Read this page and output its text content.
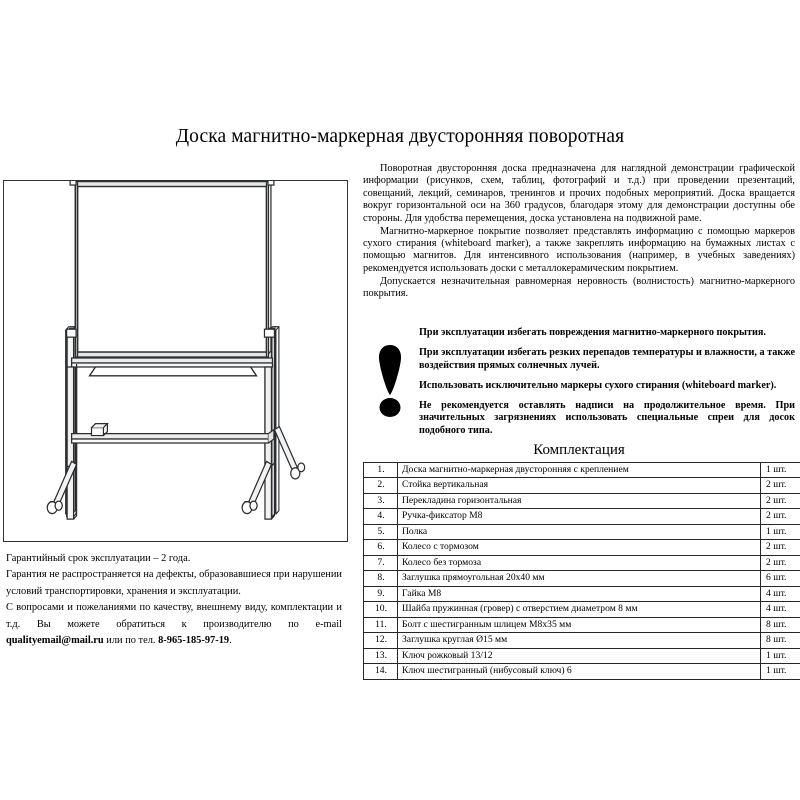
Доска магнитно-маркерная двусторонняя поворотная

Поворотная двусторонняя доска предназначена для наглядной демонстрации графической информации (рисунков, схем, таблиц, фотографий и т.д.) при проведении презентаций, совещаний, лекций, семинаров, тренингов и прочих подобных мероприятий. Доска вращается вокруг горизонтальной оси на 360 градусов, благодаря этому для демонстрации доступны обе стороны. Для удобства перемещения, доска установлена на подвижной раме.

Магнитно-маркерное покрытие позволяет представлять информацию с помощью маркеров сухого стирания (whiteboard marker), а также закреплять информацию на бумажных листах с помощью магнитов. Для интенсивного использования (например, в учебных заведениях) рекомендуется использовать доски с металлокерамическим покрытием.

Допускается незначительная равномерная неровность (волнистость) магнитно-маркерного покрытия.

При эксплуатации избегать повреждения магнитно-маркерного покрытия.

При эксплуатации избегать резких перепадов температуры и влажности, а также воздействия прямых солнечных лучей.

Использовать исключительно маркеры сухого стирания (whiteboard marker).

Не рекомендуется оставлять надписи на продолжительное время. При значительных загрязнениях использовать специальные спреи для досок подобного типа.

Комплектация
1.	Доска магнитно-маркерная двусторонняя с креплением	1 шт.
2.	Стойка вертикальная	2 шт.
3.	Перекладина горизонтальная	2 шт.
4.	Ручка-фиксатор М8	2 шт.
5.	Полка	1 шт.
6.	Колесо с тормозом	2 шт.
7.	Колесо без тормоза	2 шт.
8.	Заглушка прямоугольная 20х40 мм	6 шт.
9.	Гайка М8	4 шт.
10.	Шайба пружинная (гровер) с отверстием диаметром 8 мм	4 шт.
11.	Болт с шестигранным шлицем М8х35 мм	8 шт.
12.	Заглушка круглая Ø15 мм	8 шт.
13.	Ключ рожковый 13/12	1 шт.
14.	Ключ шестигранный (нибусовый ключ) 6	1 шт.

Гарантийный срок эксплуатации – 2 года.

Гарантия не распространяется на дефекты, образовавшиеся при нарушении условий транспортировки, хранения и эксплуатации.

С вопросами и пожеланиями по качеству, внешнему виду, комплектации и т.д. Вы можете обратиться к производителю по e-mail qualityemail@mail.ru или по тел. 8-965-185-97-19.
